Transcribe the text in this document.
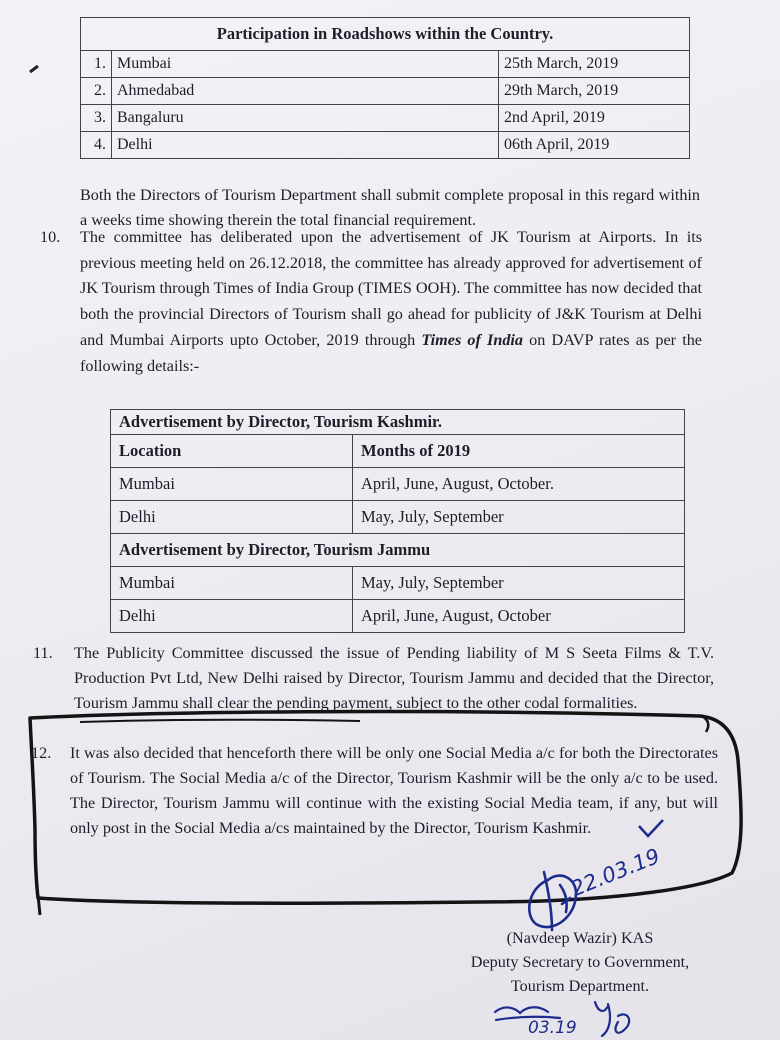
Participation in Roadshows within the Country.		
1.	Mumbai	25th March, 2019
2.	Ahmedabad	29th March, 2019
3.	Bangaluru	2nd April, 2019
4.	Delhi	06th April, 2019

Both the Directors of Tourism Department shall submit complete proposal in this regard within a weeks time showing therein the total financial requirement.

10. The committee has deliberated upon the advertisement of JK Tourism at Airports. In its previous meeting held on 26.12.2018, the committee has already approved for advertisement of JK Tourism through Times of India Group (TIMES OOH). The committee has now decided that both the provincial Directors of Tourism shall go ahead for publicity of J&K Tourism at Delhi and Mumbai Airports upto October, 2019 through Times of India on DAVP rates as per the following details:-

Advertisement by Director, Tourism Kashmir.	
Location	Months of 2019
Mumbai	April, June, August, October.
Delhi	May, July, September
Advertisement by Director, Tourism Jammu	
Mumbai	May, July, September
Delhi	April, June, August, October
11. The Publicity Committee discussed the issue of Pending liability of M S Seeta Films & T.V. Production Pvt Ltd, New Delhi raised by Director, Tourism Jammu and decided that the Director, Tourism Jammu shall clear the pending payment, subject to the other codal formalities.

12. It was also decided that henceforth there will be only one Social Media a/c for both the Directorates of Tourism. The Social Media a/c of the Director, Tourism Kashmir will be the only a/c to be used. The Director, Tourism Jammu will continue with the existing Social Media team, if any, but will only post in the Social Media a/cs maintained by the Director, Tourism Kashmir.

22.03.19
(Navdeep Wazir) KAS
Deputy Secretary to Government,
Tourism Department.
03.19
